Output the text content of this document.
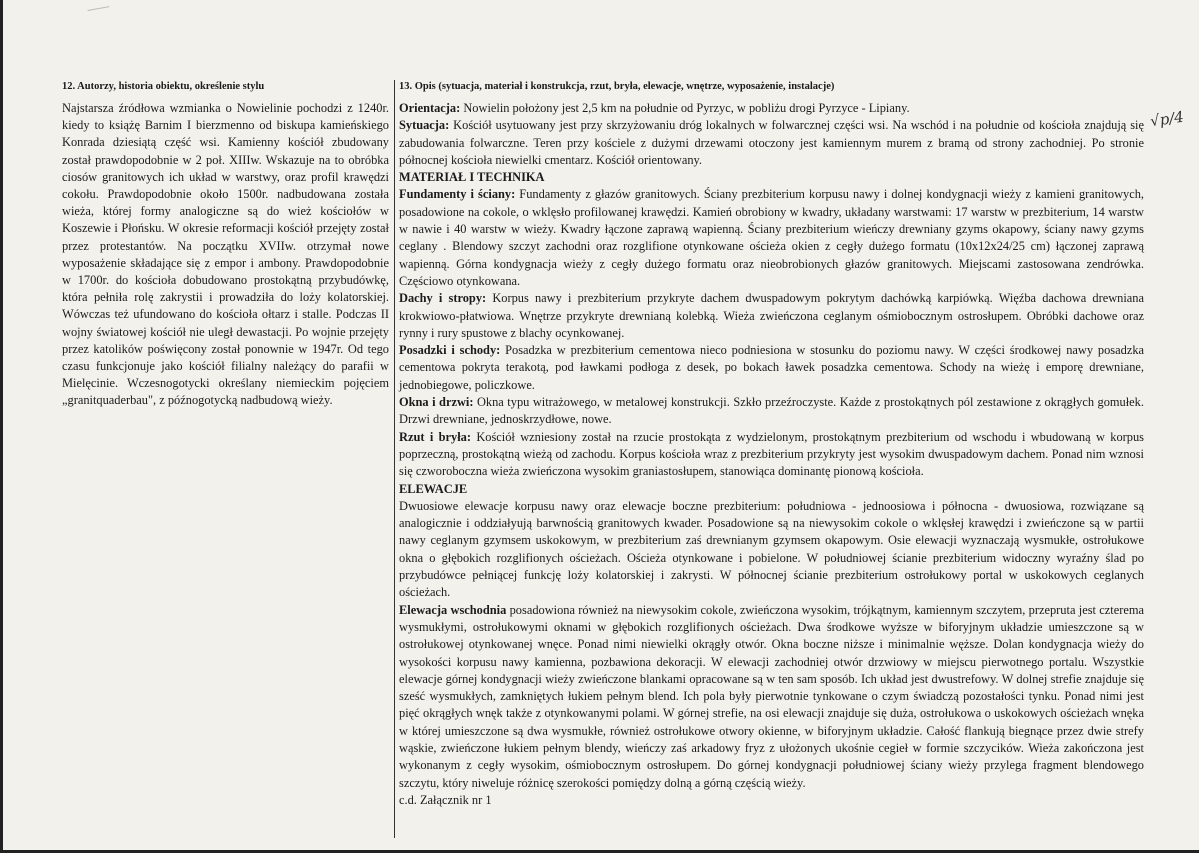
12. Autorzy, historia obiektu, określenie stylu

Najstarsza źródłowa wzmianka o Nowielinie pochodzi z 1240r. kiedy to książę Barnim I bierzmenno od biskupa kamieńskiego Konrada dziesiątą część wsi. Kamienny kościół zbudowany został prawdopodobnie w 2 poł. XIIIw. Wskazuje na to obróbka ciosów granitowych ich układ w warstwy, oraz profil krawędzi cokołu. Prawdopodobnie około 1500r. nadbudowana została wieża, której formy analogiczne są do wież kościołów w Koszewie i Płońsku. W okresie reformacji kościół przejęty został przez protestantów. Na początku XVIIw. otrzymał nowe wyposażenie składające się z empor i ambony. Prawdopodobnie w 1700r. do kościoła dobudowano prostokątną przybudówkę, która pełniła rolę zakrystii i prowadziła do loży kolatorskiej. Wówczas też ufundowano do kościoła ołtarz i stalle. Podczas II wojny światowej kościół nie uległ dewastacji. Po wojnie przejęty przez katolików poświęcony został ponownie w 1947r. Od tego czasu funkcjonuje jako kościół filialny należący do parafii w Mielęcinie. Wczesnogotycki określany niemieckim pojęciem „granitquaderbau", z późnogotycką nadbudową wieży.

13. Opis (sytuacja, materiał i konstrukcja, rzut, bryła, elewacje, wnętrze, wyposażenie, instalacje)

Orientacja: Nowielin położony jest 2,5 km na południe od Pyrzyc, w pobliżu drogi Pyrzyce - Lipiany.

Sytuacja: Kościół usytuowany jest przy skrzyżowaniu dróg lokalnych w folwarcznej części wsi. Na wschód i na południe od kościoła znajdują się zabudowania folwarczne. Teren przy kościele z dużymi drzewami otoczony jest kamiennym murem z bramą od strony zachodniej. Po stronie północnej kościoła niewielki cmentarz. Kościół orientowany.

MATERIAŁ I TECHNIKA

Fundamenty i ściany: Fundamenty z głazów granitowych. Ściany prezbiterium korpusu nawy i dolnej kondygnacji wieży z kamieni granitowych, posadowione na cokole, o wklęsło profilowanej krawędzi. Kamień obrobiony w kwadry, układany warstwami: 17 warstw w prezbiterium, 14 warstw w nawie i 40 warstw w wieży. Kwadry łączone zaprawą wapienną. Ściany prezbiterium wieńczy drewniany gzyms okapowy, ściany nawy gzyms ceglany . Blendowy szczyt zachodni oraz rozglifione otynkowane ościeża okien z cegły dużego formatu (10x12x24/25 cm) łączonej zaprawą wapienną. Górna kondygnacja wieży z cegły dużego formatu oraz nieobrobionych głazów granitowych. Miejscami zastosowana zendrówka. Częściowo otynkowana.

Dachy i stropy: Korpus nawy i prezbiterium przykryte dachem dwuspadowym pokrytym dachówką karpiówką. Więźba dachowa drewniana krokwiowo-płatwiowa. Wnętrze przykryte drewnianą kolebką. Wieża zwieńczona ceglanym ośmiobocznym ostrosłupem. Obróbki dachowe oraz rynny i rury spustowe z blachy ocynkowanej.

Posadzki i schody: Posadzka w prezbiterium cementowa nieco podniesiona w stosunku do poziomu nawy. W części środkowej nawy posadzka cementowa pokryta terakotą, pod ławkami podłoga z desek, po bokach ławek posadzka cementowa. Schody na wieżę i emporę drewniane, jednobiegowe, policzkowe.

Okna i drzwi: Okna typu witrażowego, w metalowej konstrukcji. Szkło przeźroczyste. Każde z prostokątnych pól zestawione z okrągłych gomułek. Drzwi drewniane, jednoskrzydłowe, nowe.

Rzut i bryła: Kościół wzniesiony został na rzucie prostokąta z wydzielonym, prostokątnym prezbiterium od wschodu i wbudowaną w korpus poprzeczną, prostokątną wieżą od zachodu. Korpus kościoła wraz z prezbiterium przykryty jest wysokim dwuspadowym dachem. Ponad nim wznosi się czworoboczna wieża zwieńczona wysokim graniastosłupem, stanowiąca dominantę pionową kościoła.

ELEWACJE

Dwuosiowe elewacje korpusu nawy oraz elewacje boczne prezbiterium: południowa - jednoosiowa i północna - dwuosiowa, rozwiązane są analogicznie i oddziałyują barwnością granitowych kwader. Posadowione są na niewysokim cokole o wklęsłej krawędzi i zwieńczone są w partii nawy ceglanym gzymsem uskokowym, w prezbiterium zaś drewnianym gzymsem okapowym. Osie elewacji wyznaczają wysmukłe, ostrołukowe okna o głębokich rozglifionych ościeżach. Ościeża otynkowane i pobielone. W południowej ścianie prezbiterium widoczny wyraźny ślad po przybudówce pełniącej funkcję loży kolatorskiej i zakrysti. W północnej ścianie prezbiterium ostrołukowy portal w uskokowych ceglanych ościeżach.

Elewacja wschodnia posadowiona również na niewysokim cokole, zwieńczona wysokim, trójkątnym, kamiennym szczytem, przepruta jest czterema wysmukłymi, ostrołukowymi oknami w głębokich rozglifionych ościeżach. Dwa środkowe wyższe w biforyjnym układzie umieszczone są w ostrołukowej otynkowanej wnęce. Ponad nimi niewielki okrągły otwór. Okna boczne niższe i minimalnie węższe. Dolan kondygnacja wieży do wysokości korpusu nawy kamienna, pozbawiona dekoracji. W elewacji zachodniej otwór drzwiowy w miejscu pierwotnego portalu. Wszystkie elewacje górnej kondygnacji wieży zwieńczone blankami opracowane są w ten sam sposób. Ich układ jest dwustrefowy. W dolnej strefie znajduje się sześć wysmukłych, zamkniętych łukiem pełnym blend. Ich pola były pierwotnie tynkowane o czym świadczą pozostałości tynku. Ponad nimi jest pięć okrągłych wnęk także z otynkowanymi polami. W górnej strefie, na osi elewacji znajduje się duża, ostrołukowa o uskokowych ościeżach wnęka w której umieszczone są dwa wysmukłe, również ostrołukowe otwory okienne, w biforyjnym układzie. Całość flankują biegnące przez dwie strefy wąskie, zwieńczone łukiem pełnym blendy, wieńczy zaś arkadowy fryz z ułożonych ukośnie cegieł w formie szczycików. Wieża zakończona jest wykonanym z cegły wysokim, ośmiobocznym ostrosłupem. Do górnej kondygnacji południowej ściany wieży przylega fragment blendowego szczytu, który niweluje różnicę szerokości pomiędzy dolną a górną częścią wieży.

c.d. Załącznik nr 1

√p/4
